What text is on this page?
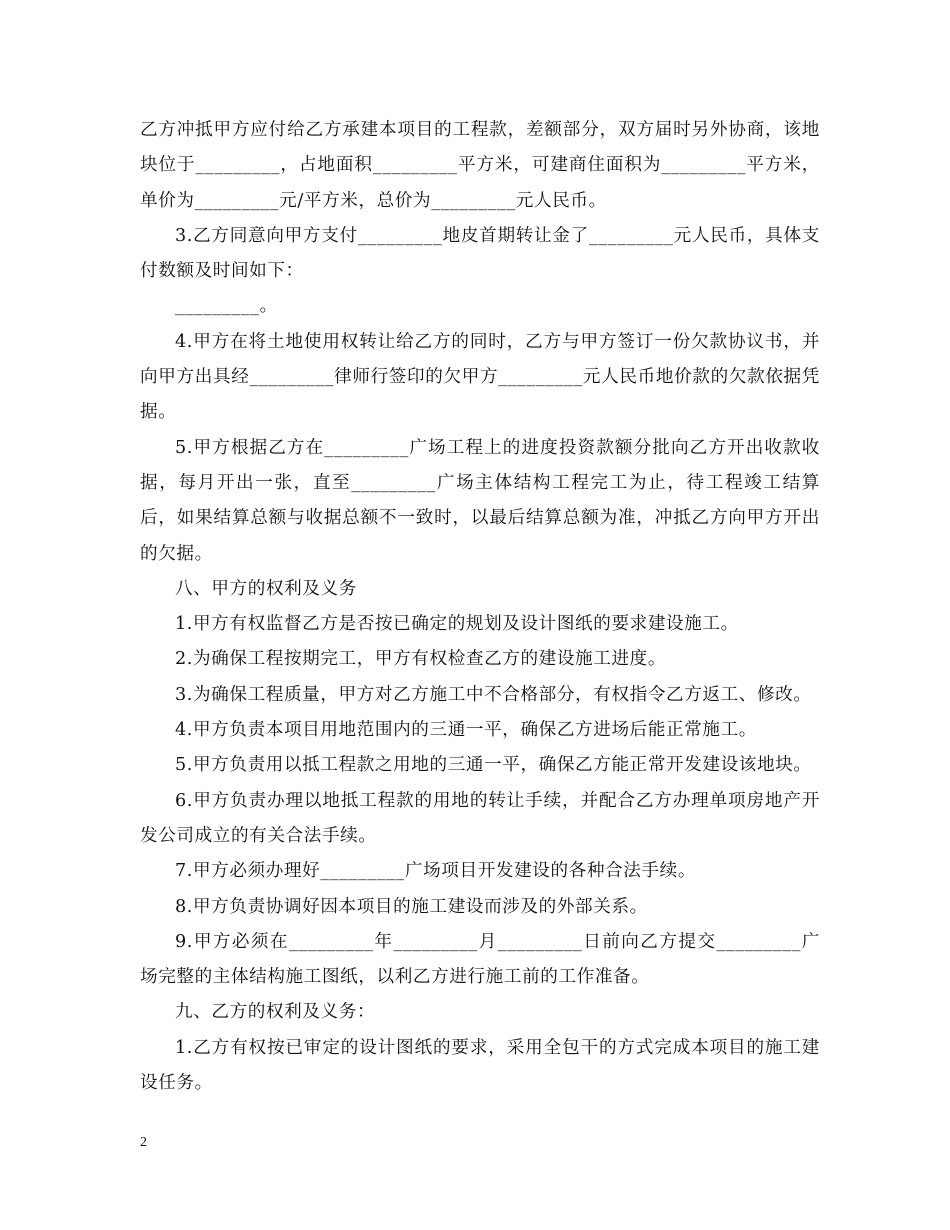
乙方冲抵甲方应付给乙方承建本项目的工程款，差额部分，双方届时另外协商，该地块位于_________，占地面积_________平方米，可建商住面积为_________平方米，单价为_________元/平方米，总价为_________元人民币。

3.乙方同意向甲方支付_________地皮首期转让金了_________元人民币，具体支付数额及时间如下：

_________。

4.甲方在将土地使用权转让给乙方的同时，乙方与甲方签订一份欠款协议书，并向甲方出具经_________律师行签印的欠甲方_________元人民币地价款的欠款依据凭据。

5.甲方根据乙方在_________广场工程上的进度投资款额分批向乙方开出收款收据，每月开出一张，直至_________广场主体结构工程完工为止，待工程竣工结算后，如果结算总额与收据总额不一致时，以最后结算总额为准，冲抵乙方向甲方开出的欠据。

八、甲方的权利及义务

1.甲方有权监督乙方是否按已确定的规划及设计图纸的要求建设施工。

2.为确保工程按期完工，甲方有权检查乙方的建设施工进度。

3.为确保工程质量，甲方对乙方施工中不合格部分，有权指令乙方返工、修改。

4.甲方负责本项目用地范围内的三通一平，确保乙方进场后能正常施工。

5.甲方负责用以抵工程款之用地的三通一平，确保乙方能正常开发建设该地块。

6.甲方负责办理以地抵工程款的用地的转让手续，并配合乙方办理单项房地产开发公司成立的有关合法手续。

7.甲方必须办理好_________广场项目开发建设的各种合法手续。

8.甲方负责协调好因本项目的施工建设而涉及的外部关系。

9.甲方必须在_________年_________月_________日前向乙方提交_________广场完整的主体结构施工图纸，以利乙方进行施工前的工作准备。

九、乙方的权利及义务：

1.乙方有权按已审定的设计图纸的要求，采用全包干的方式完成本项目的施工建设任务。

2
